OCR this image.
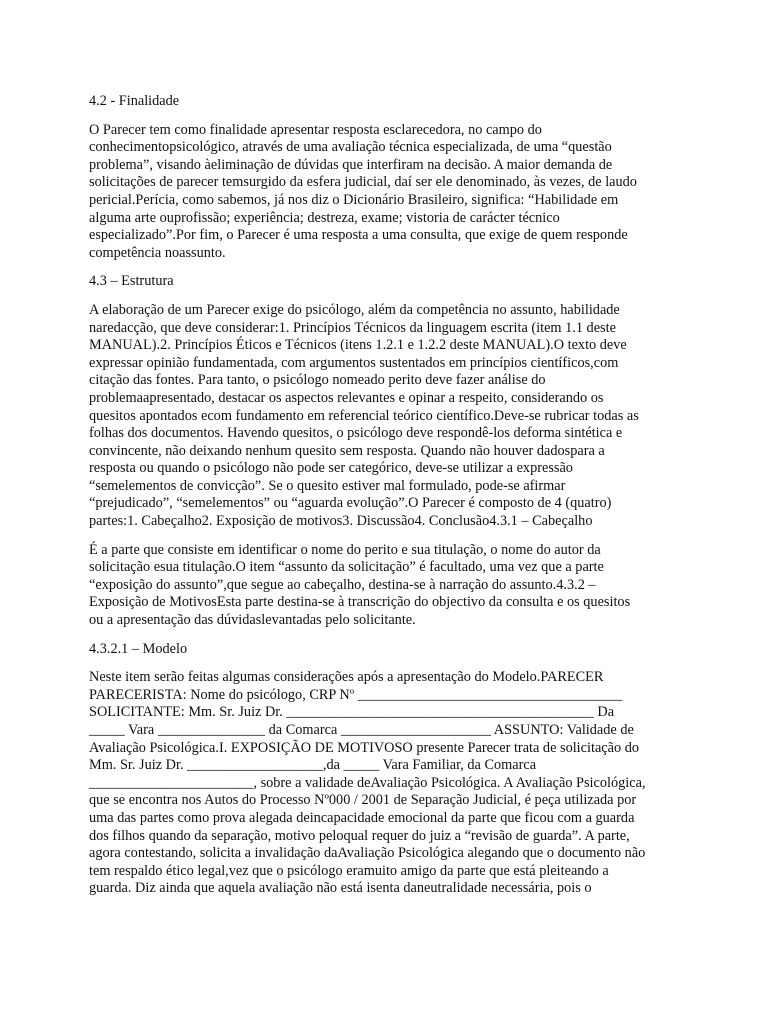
4.2 - Finalidade
O Parecer tem como finalidade apresentar resposta esclarecedora, no campo do
conhecimentopsicológico, através de uma avaliação técnica especializada, de uma “questão
problema”, visando àeliminação de dúvidas que interfiram na decisão. A maior demanda de
solicitações de parecer temsurgido da esfera judicial, daí ser ele denominado, às vezes, de laudo
pericial.Perícia, como sabemos, já nos diz o Dicionário Brasileiro, significa: “Habilidade em
alguma arte ouprofissão; experiência; destreza, exame; vistoria de carácter técnico
especializado”.Por fim, o Parecer é uma resposta a uma consulta, que exige de quem responde
competência noassunto.
4.3 – Estrutura
A elaboração de um Parecer exige do psicólogo, além da competência no assunto, habilidade
naredacção, que deve considerar:1. Princípios Técnicos da linguagem escrita (item 1.1 deste
MANUAL).2. Princípios Éticos e Técnicos (itens 1.2.1 e 1.2.2 deste MANUAL).O texto deve
expressar opinião fundamentada, com argumentos sustentados em princípios científicos,com
citação das fontes. Para tanto, o psicólogo nomeado perito deve fazer análise do
problemaapresentado, destacar os aspectos relevantes e opinar a respeito, considerando os
quesitos apontados ecom fundamento em referencial teórico científico.Deve-se rubricar todas as
folhas dos documentos. Havendo quesitos, o psicólogo deve respondê-los deforma sintética e
convincente, não deixando nenhum quesito sem resposta. Quando não houver dadospara a
resposta ou quando o psicólogo não pode ser categórico, deve-se utilizar a expressão
“semelementos de convicção”. Se o quesito estiver mal formulado, pode-se afirmar
“prejudicado”, “semelementos” ou “aguarda evolução”.O Parecer é composto de 4 (quatro)
partes:1. Cabeçalho2. Exposição de motivos3. Discussão4. Conclusão4.3.1 – Cabeçalho
É a parte que consiste em identificar o nome do perito e sua titulação, o nome do autor da
solicitação esua titulação.O item “assunto da solicitação” é facultado, uma vez que a parte
“exposição do assunto”,que segue ao cabeçalho, destina-se à narração do assunto.4.3.2 –
Exposição de MotivosEsta parte destina-se à transcrição do objectivo da consulta e os quesitos
ou a apresentação das dúvidaslevantadas pelo solicitante.
4.3.2.1 – Modelo
Neste item serão feitas algumas considerações após a apresentação do Modelo.PARECER
PARECERISTA: Nome do psicólogo, CRP Nº _____________________________________
SOLICITANTE: Mm. Sr. Juiz Dr. ___________________________________________ Da
_____ Vara _______________ da Comarca _____________________ ASSUNTO: Validade de
Avaliação Psicológica.I. EXPOSIÇÃO DE MOTIVOSO presente Parecer trata de solicitação do
Mm. Sr. Juiz Dr. ___________________,da _____ Vara Familiar, da Comarca
_______________________, sobre a validade deAvaliação Psicológica. A Avaliação Psicológica,
que se encontra nos Autos do Processo Nº000 / 2001 de Separação Judicial, é peça utilizada por
uma das partes como prova alegada deincapacidade emocional da parte que ficou com a guarda
dos filhos quando da separação, motivo peloqual requer do juiz a “revisão de guarda”. A parte,
agora contestando, solicita a invalidação daAvaliação Psicológica alegando que o documento não
tem respaldo ético legal,vez que o psicólogo eramuito amigo da parte que está pleiteando a
guarda. Diz ainda que aquela avaliação não está isenta daneutralidade necessária, pois o
